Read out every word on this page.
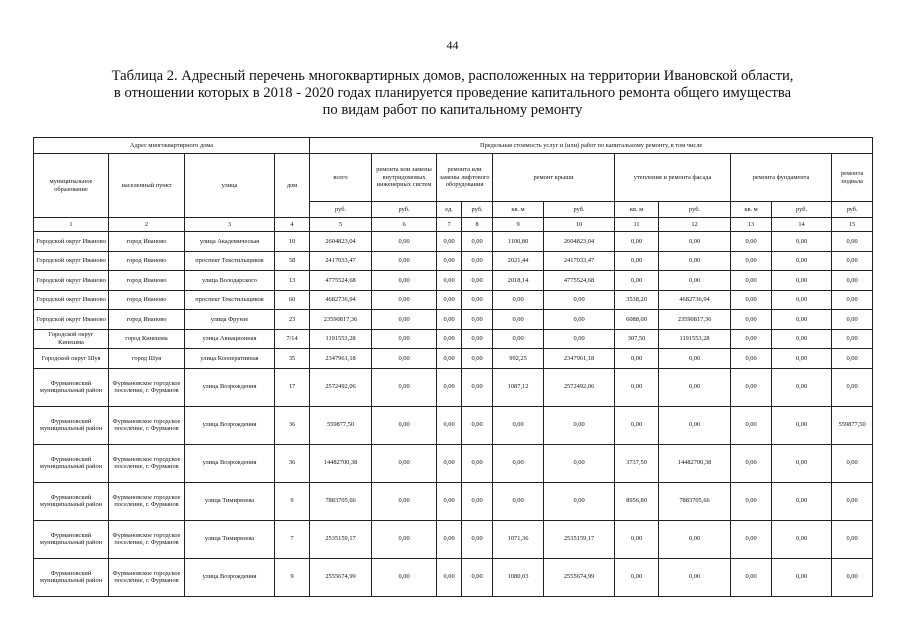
44
Таблица 2. Адресный перечень многоквартирных домов, расположенных на территории Ивановской области,
в отношении которых в 2018 - 2020 годах планируется проведение капитального ремонта общего имущества
по видам работ по капитальному ремонту
Адрес многоквартирного дома				Предельная стоимость услуг и (или) работ по капитальному ремонту, в том числе										
муниципальное образование	населенный пункт	улица	дом	всего	ремонта или замены внутридомовых инженерных систем	ремонта или замены лифтового оборудования		ремонт крыши		утепления и ремонта фасада		ремонта фундамента		ремонта подвала
				руб.	руб.	ед.	руб.	кв. м	руб.	кв. м	руб.	кв. м	руб.	руб.
1	2	3	4	5	6	7	8	9	10	11	12	13	14	15
Городской округ Иваново	город Иваново	улица Академическая	10	2604823,04	0,00	0,00	0,00	1100,80	2604823,04	0,00	0,00	0,00	0,00	0,00
Городской округ Иваново	город Иваново	проспект Текстильщиков	58	2417033,47	0,00	0,00	0,00	2021,44	2417033,47	0,00	0,00	0,00	0,00	0,00
Городской округ Иваново	город Иваново	улица Володарского	13	4775524,68	0,00	0,00	0,00	2018,14	4775524,68	0,00	0,00	0,00	0,00	0,00
Городской округ Иваново	город Иваново	проспект Текстильщиков	60	4682736,94	0,00	0,00	0,00	0,00	0,00	3538,20	4682736,94	0,00	0,00	0,00
Городской округ Иваново	город Иваново	улица Фрунзе	23	23590817,36	0,00	0,00	0,00	0,00	0,00	6088,00	23590817,36	0,00	0,00	0,00
Городской округ Кинешма	город Кинешма	улица Авиационная	7/14	1191553,28	0,00	0,00	0,00	0,00	0,00	307,50	1191553,28	0,00	0,00	0,00
Городской округ Шуя	город Шуя	улица Кооперативная	35	2347961,18	0,00	0,00	0,00	992,25	2347961,18	0,00	0,00	0,00	0,00	0,00
Фурмановский муниципальный район	Фурмановское городское поселение, г. Фурманов	улица Возрождения	17	2572492,06	0,00	0,00	0,00	1087,12	2572492,06	0,00	0,00	0,00	0,00	0,00
Фурмановский муниципальный район	Фурмановское городское поселение, г. Фурманов	улица Возрождения	36	559877,50	0,00	0,00	0,00	0,00	0,00	0,00	0,00	0,00	0,00	559877,50
Фурмановский муниципальный район	Фурмановское городское поселение, г. Фурманов	улица Возрождения	36	14482700,38	0,00	0,00	0,00	0,00	0,00	3737,50	14482700,38	0,00	0,00	0,00
Фурмановский муниципальный район	Фурмановское городское поселение, г. Фурманов	улица Тимирязева	9	7883705,66	0,00	0,00	0,00	0,00	0,00	8956,80	7883705,66	0,00	0,00	0,00
Фурмановский муниципальный район	Фурмановское городское поселение, г. Фурманов	улица Тимирязева	7	2535159,17	0,00	0,00	0,00	1071,36	2535159,17	0,00	0,00	0,00	0,00	0,00
Фурмановский муниципальный район	Фурмановское городское поселение, г. Фурманов	улица Возрождения	9	2555674,99	0,00	0,00	0,00	1080,03	2555674,99	0,00	0,00	0,00	0,00	0,00
